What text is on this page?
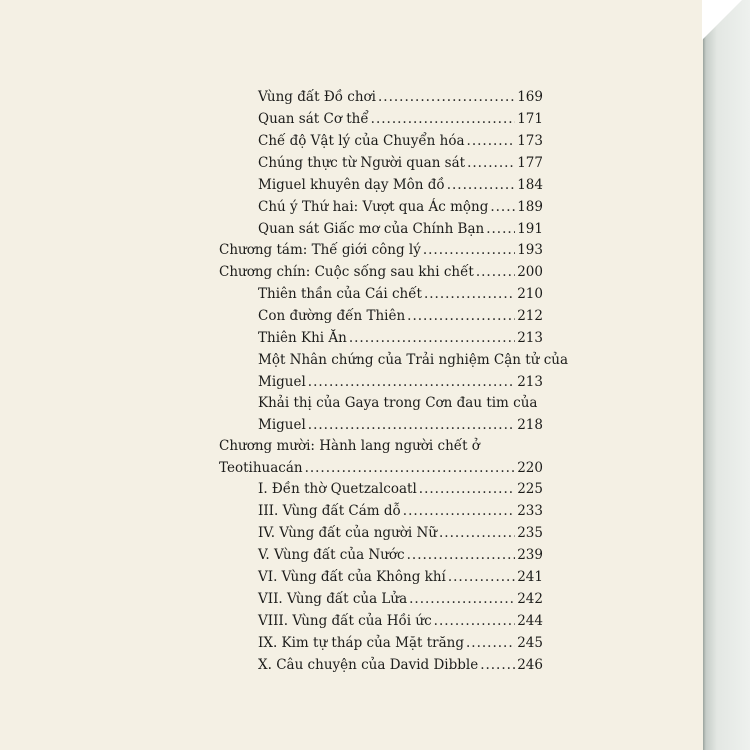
Vùng đất Đồ chơi .....	169
Quan sát Cơ thể .....	171
Chế độ Vật lý của Chuyển hóa .....	173
Chúng thực từ Người quan sát .....	177
Miguel khuyên dạy Môn đồ .....	184
Chú ý Thứ hai: Vượt qua Ác mộng ..... 189
Quan sát Giấc mơ của Chính Bạn ..... 191
Chương tám: Thế giới công lý .....	193
Chương chín: Cuộc sống sau khi chết .....	200
Thiên thần của Cái chết .....	210
Con đường đến Thiên .....	212
Thiên Khi Ăn .....	213
Một Nhân chứng của Trải nghiệm Cận tử của
Miguel .....	213
Khải thị của Gaya trong Cơn đau tim của
Miguel .....	218
Chương mười: Hành lang người chết ở
Teotihuacán .....	220
I. Đền thờ Quetzalcoatl .....	225
III. Vùng đất Cám dỗ .....	233
IV. Vùng đất của người Nữ .....	235
V. Vùng đất của Nước .....	239
VI. Vùng đất của Không khí .....	241
VII. Vùng đất của Lửa .....	242
VIII. Vùng đất của Hồi ức .....	244
IX. Kim tự tháp của Mặt trăng .....	245
X. Câu chuyện của David Dibble .....	246
